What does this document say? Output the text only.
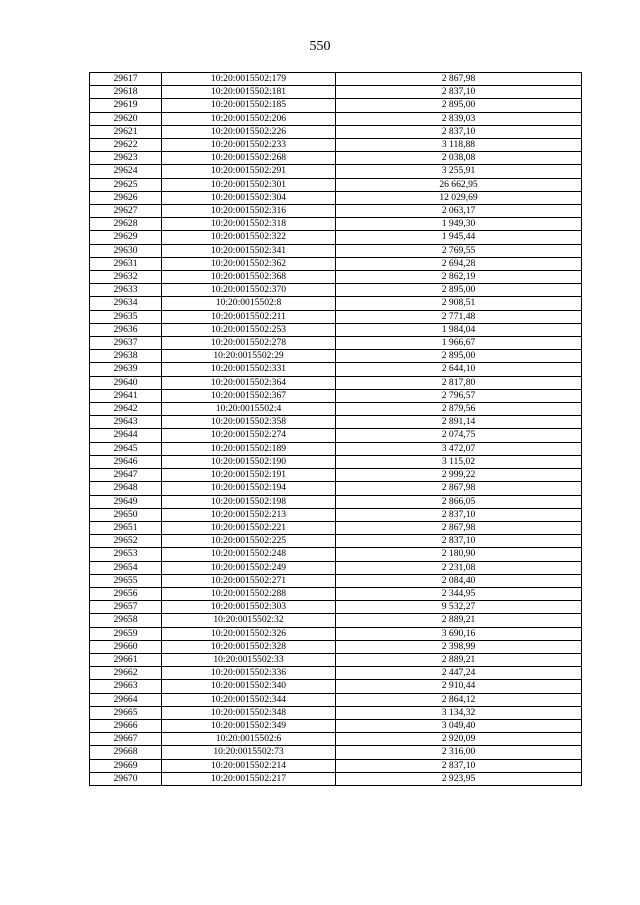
550
29617	10:20:0015502:179	2 867,98
29618	10:20:0015502:181	2 837,10
29619	10:20:0015502:185	2 895,00
29620	10:20:0015502:206	2 839,03
29621	10:20:0015502:226	2 837,10
29622	10:20:0015502:233	3 118,88
29623	10:20:0015502:268	2 038,08
29624	10:20:0015502:291	3 255,91
29625	10:20:0015502:301	26 662,95
29626	10:20:0015502:304	12 029,69
29627	10:20:0015502:316	2 063,17
29628	10:20:0015502:318	1 949,30
29629	10:20:0015502:322	1 945,44
29630	10:20:0015502:341	2 769,55
29631	10:20:0015502:362	2 694,28
29632	10:20:0015502:368	2 862,19
29633	10:20:0015502:370	2 895,00
29634	10:20:0015502:8	2 908,51
29635	10:20:0015502:211	2 771,48
29636	10:20:0015502:253	1 984,04
29637	10:20:0015502:278	1 966,67
29638	10:20:0015502:29	2 895,00
29639	10:20:0015502:331	2 644,10
29640	10:20:0015502:364	2 817,80
29641	10:20:0015502:367	2 796,57
29642	10:20:0015502:4	2 879,56
29643	10:20:0015502:358	2 891,14
29644	10:20:0015502:274	2 074,75
29645	10:20:0015502:189	3 472,07
29646	10:20:0015502:190	3 115,02
29647	10:20:0015502:191	2 999,22
29648	10:20:0015502:194	2 867,98
29649	10:20:0015502:198	2 866,05
29650	10:20:0015502:213	2 837,10
29651	10:20:0015502:221	2 867,98
29652	10:20:0015502:225	2 837,10
29653	10:20:0015502:248	2 180,90
29654	10:20:0015502:249	2 231,08
29655	10:20:0015502:271	2 084,40
29656	10:20:0015502:288	2 344,95
29657	10:20:0015502:303	9 532,27
29658	10:20:0015502:32	2 889,21
29659	10:20:0015502:326	3 690,16
29660	10:20:0015502:328	2 398,99
29661	10:20:0015502:33	2 889,21
29662	10:20:0015502:336	2 447,24
29663	10:20:0015502:340	2 910,44
29664	10:20:0015502:344	2 864,12
29665	10:20:0015502:348	3 134,32
29666	10:20:0015502:349	3 049,40
29667	10:20:0015502:6	2 920,09
29668	10:20:0015502:73	2 316,00
29669	10:20:0015502:214	2 837,10
29670	10:20:0015502:217	2 923,95
